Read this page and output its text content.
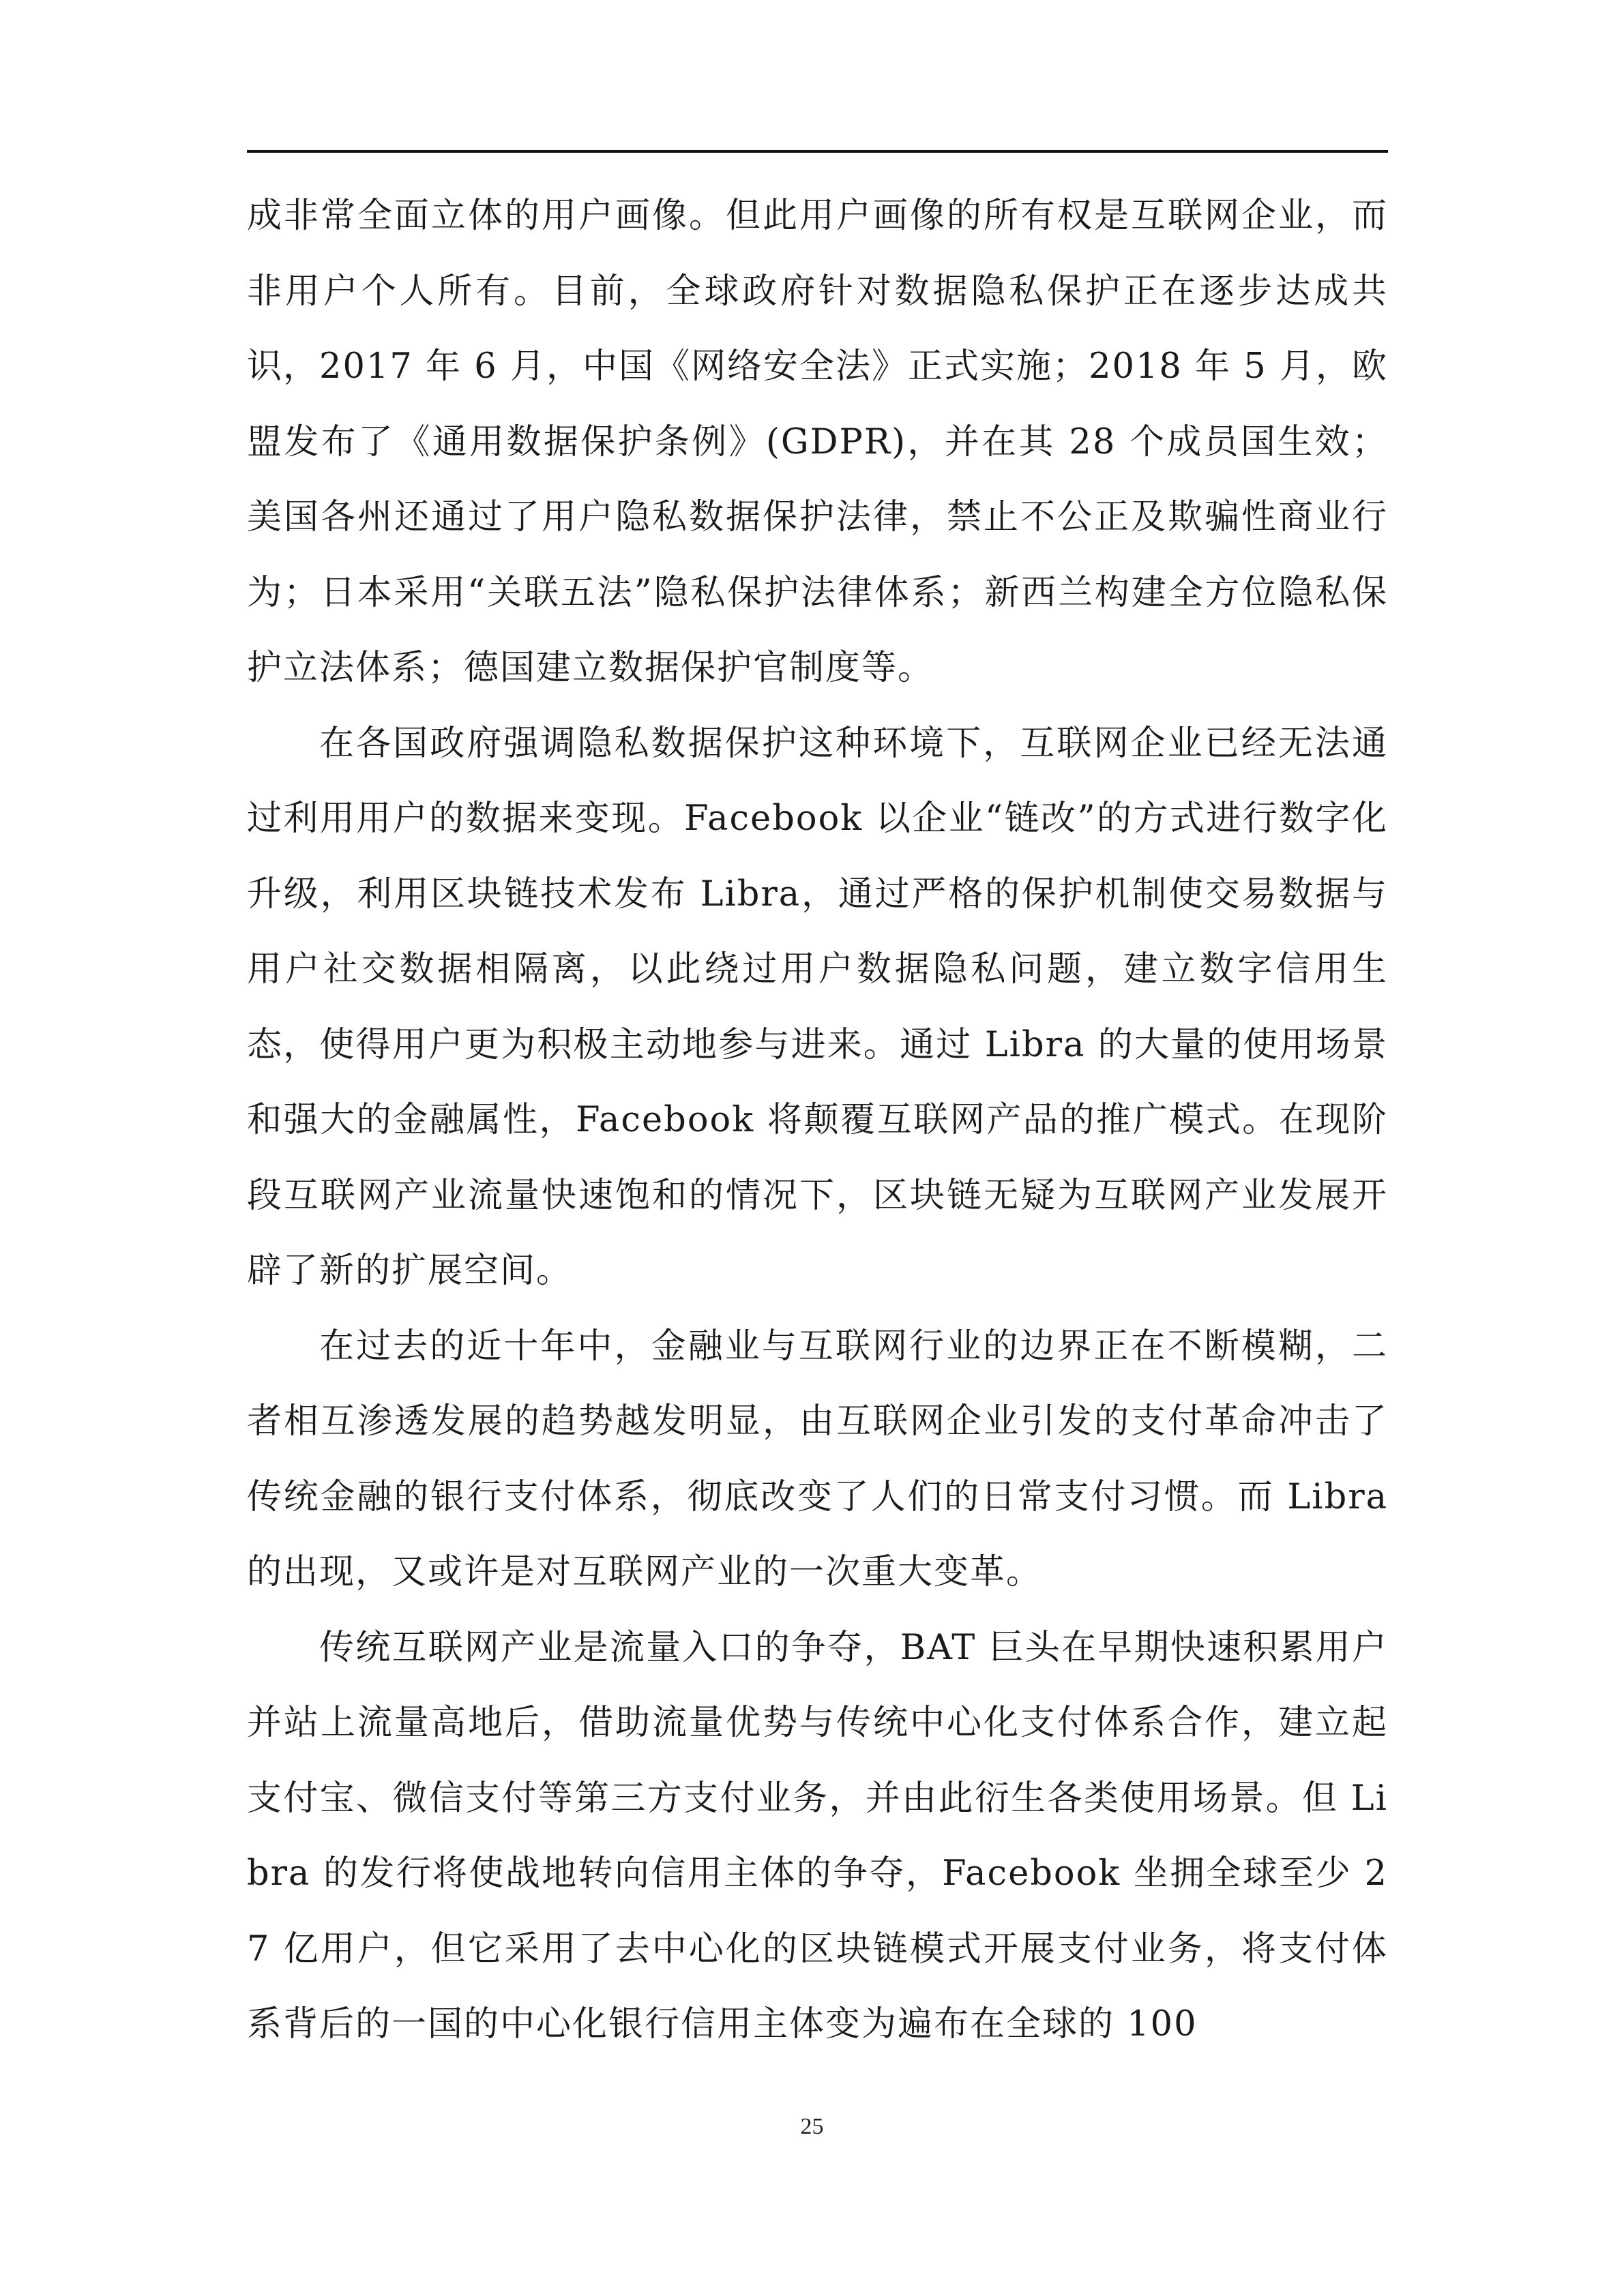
成非常全面立体的用户画像。但此用户画像的所有权是互联网企业，而非用户个人所有。目前，全球政府针对数据隐私保护正在逐步达成共识，2017 年 6 月，中国《网络安全法》正式实施；2018 年 5 月，欧盟发布了《通用数据保护条例》(GDPR)，并在其 28 个成员国生效；美国各州还通过了用户隐私数据保护法律，禁止不公正及欺骗性商业行为；日本采用“关联五法”隐私保护法律体系；新西兰构建全方位隐私保护立法体系；德国建立数据保护官制度等。

在各国政府强调隐私数据保护这种环境下，互联网企业已经无法通过利用用户的数据来变现。Facebook 以企业“链改”的方式进行数字化升级，利用区块链技术发布 Libra，通过严格的保护机制使交易数据与用户社交数据相隔离，以此绕过用户数据隐私问题，建立数字信用生态，使得用户更为积极主动地参与进来。通过 Libra 的大量的使用场景和强大的金融属性，Facebook 将颠覆互联网产品的推广模式。在现阶段互联网产业流量快速饱和的情况下，区块链无疑为互联网产业发展开辟了新的扩展空间。

在过去的近十年中，金融业与互联网行业的边界正在不断模糊，二者相互渗透发展的趋势越发明显，由互联网企业引发的支付革命冲击了传统金融的银行支付体系，彻底改变了人们的日常支付习惯。而 Libra 的出现，又或许是对互联网产业的一次重大变革。

传统互联网产业是流量入口的争夺，BAT 巨头在早期快速积累用户并站上流量高地后，借助流量优势与传统中心化支付体系合作，建立起支付宝、微信支付等第三方支付业务，并由此衍生各类使用场景。但 Libra 的发行将使战地转向信用主体的争夺，Facebook 坐拥全球至少 27 亿用户，但它采用了去中心化的区块链模式开展支付业务，将支付体系背后的一国的中心化银行信用主体变为遍布在全球的 100

25
